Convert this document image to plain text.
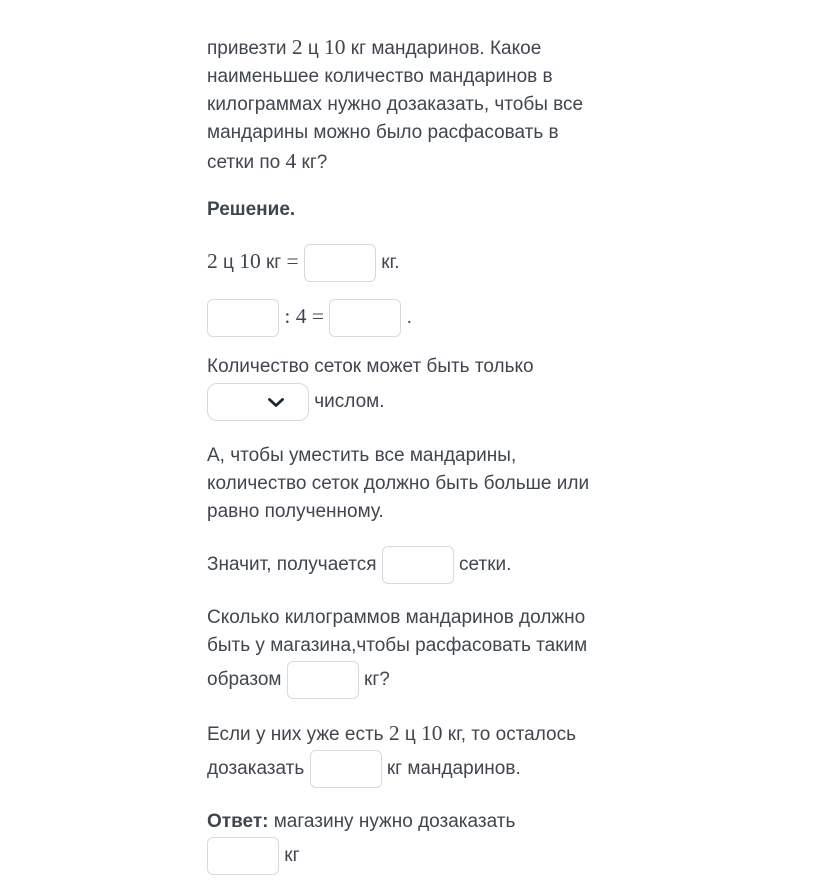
привезти 2 ц 10 кг мандаринов. Какое наименьшее количество мандаринов в килограммах нужно дозаказать, чтобы все мандарины можно было расфасовать в сетки по 4 кг?

Решение.

2 ц 10 кг =	кг.

: 4 =	.

Количество сеток может быть только
числом.

А, чтобы уместить все мандарины, количество сеток должно быть больше или равно полученному.

Значит, получается	сетки.

Сколько килограммов мандаринов должно быть у магазина,чтобы расфасовать таким образом	кг?

Если у них уже есть 2 ц 10 кг, то осталось дозаказать	кг мандаринов.

Ответ: магазину нужно дозаказать  кг
